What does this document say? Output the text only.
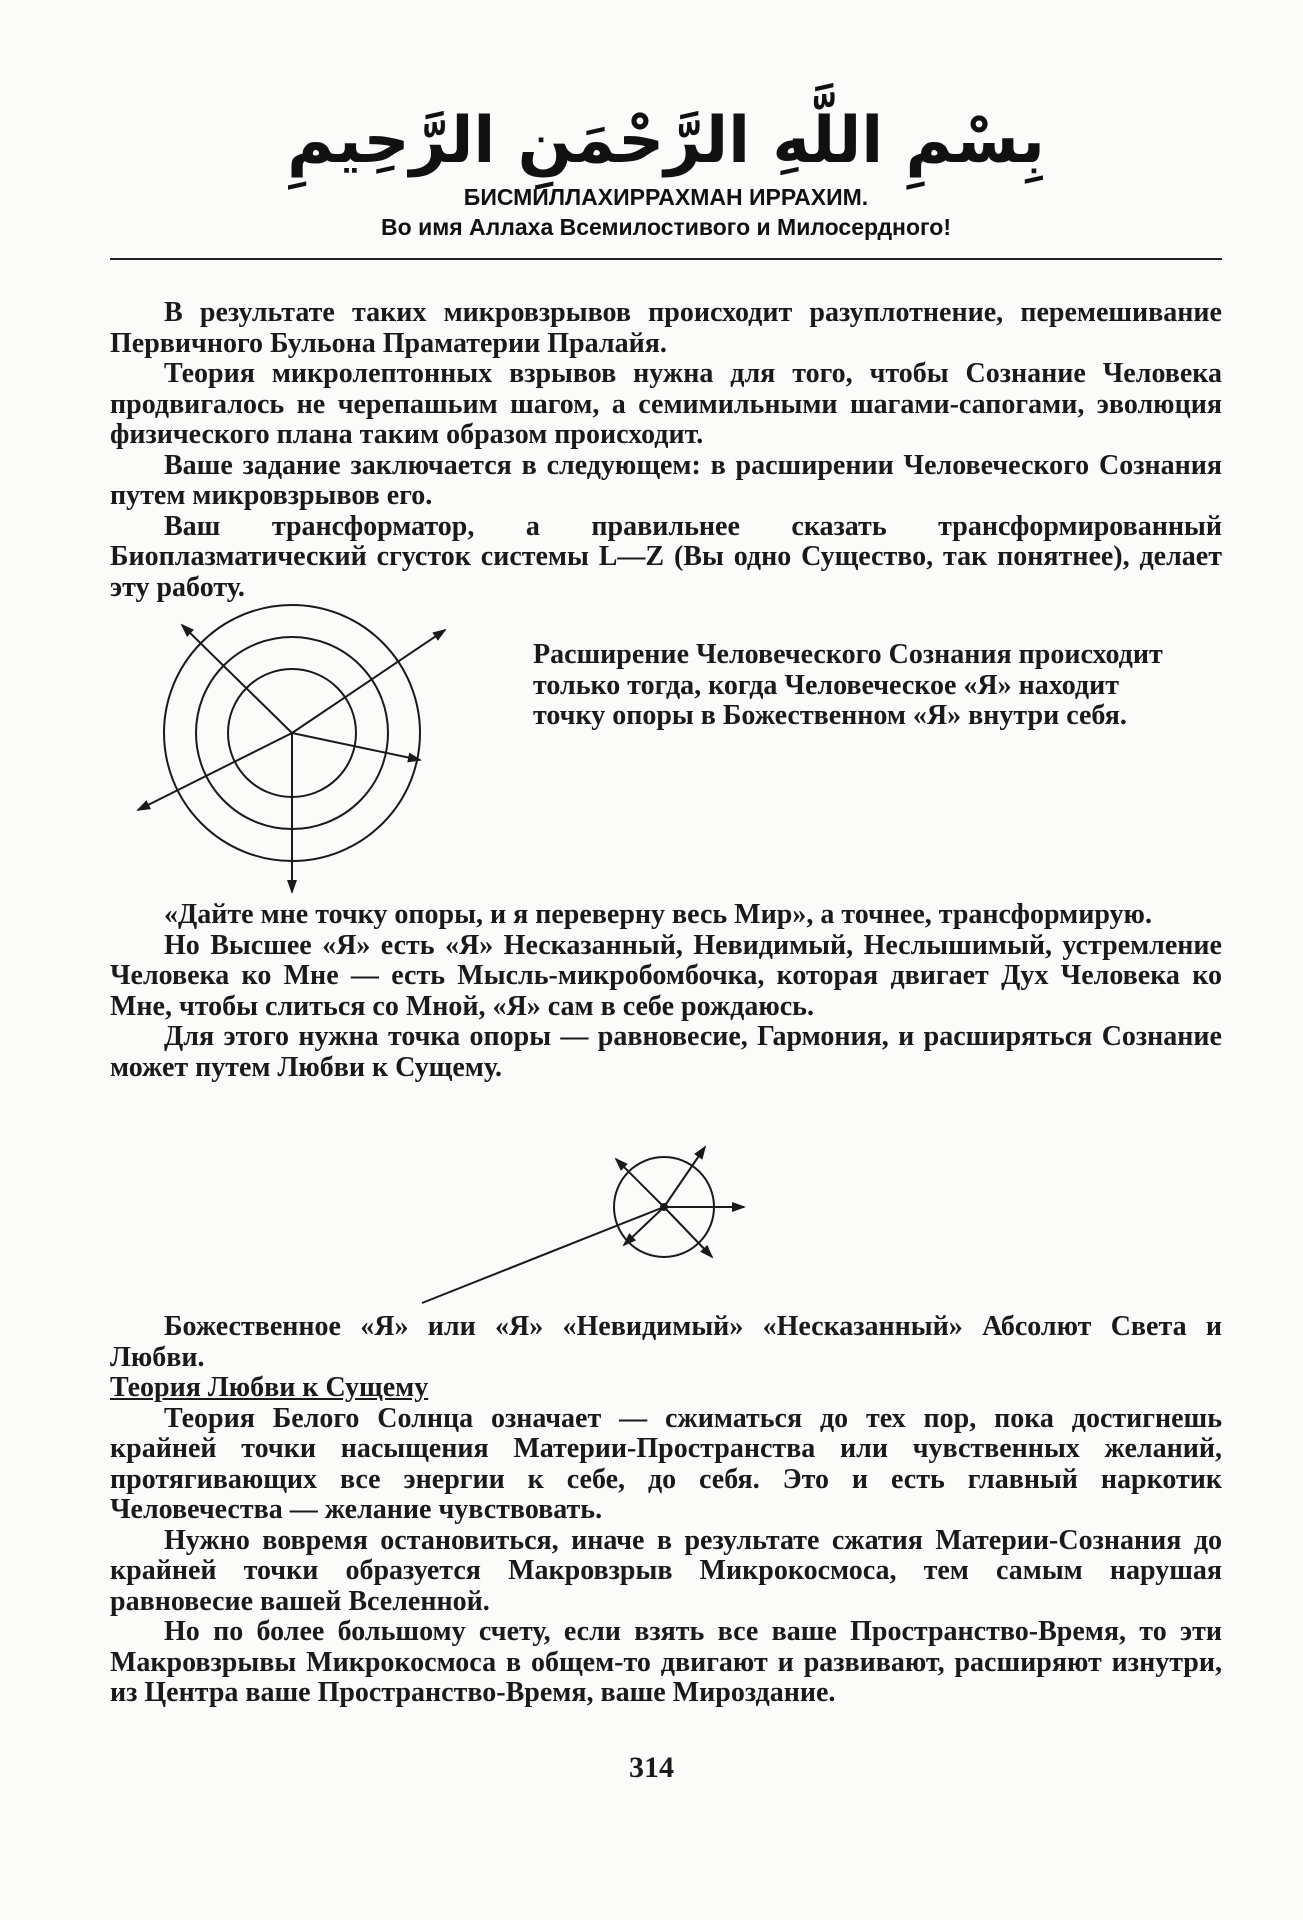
بِسْمِ اللَّهِ الرَّحْمَنِ الرَّحِيمِ
БИСМИЛЛАХИРРАХМАН ИРРАХИМ.
Во имя Аллаха Всемилостивого и Милосердного!

В результате таких микровзрывов происходит разуплотнение, перемешивание Первичного Бульона Праматерии Пралайя.

Теория микролептонных взрывов нужна для того, чтобы Сознание Человека продвигалось не черепашьим шагом, а семимильными шагами-сапогами, эволюция физического плана таким образом происходит.

Ваше задание заключается в следующем: в расширении Человеческого Сознания путем микровзрывов его.

Ваш трансформатор, а правильнее сказать трансформированный Биоплазматический сгусток системы L—Z (Вы одно Существо, так понятнее), делает эту работу.

Расширение Человеческого Сознания происходит только тогда, когда Человеческое «Я» находит точку опоры в Божественном «Я» внутри себя.

«Дайте мне точку опоры, и я переверну весь Мир», а точнее, трансформирую.

Но Высшее «Я» есть «Я» Несказанный, Невидимый, Неслышимый, устремление Человека ко Мне — есть Мысль-микробомбочка, которая двигает Дух Человека ко Мне, чтобы слиться со Мной, «Я» сам в себе рождаюсь.

Для этого нужна точка опоры — равновесие, Гармония, и расширяться Сознание может путем Любви к Сущему.

Божественное «Я» или «Я» «Невидимый» «Несказанный» Абсолют Света и Любви.

Теория Любви к Сущему

Теория Белого Солнца означает — сжиматься до тех пор, пока достигнешь крайней точки насыщения Материи-Пространства или чувственных желаний, протягивающих все энергии к себе, до себя. Это и есть главный наркотик Человечества — желание чувствовать.

Нужно вовремя остановиться, иначе в результате сжатия Материи-Сознания до крайней точки образуется Макровзрыв Микрокосмоса, тем самым нарушая равновесие вашей Вселенной.

Но по более большому счету, если взять все ваше Пространство-Время, то эти Макровзрывы Микрокосмоса в общем-то двигают и развивают, расширяют изнутри, из Центра ваше Пространство-Время, ваше Мироздание.

314
